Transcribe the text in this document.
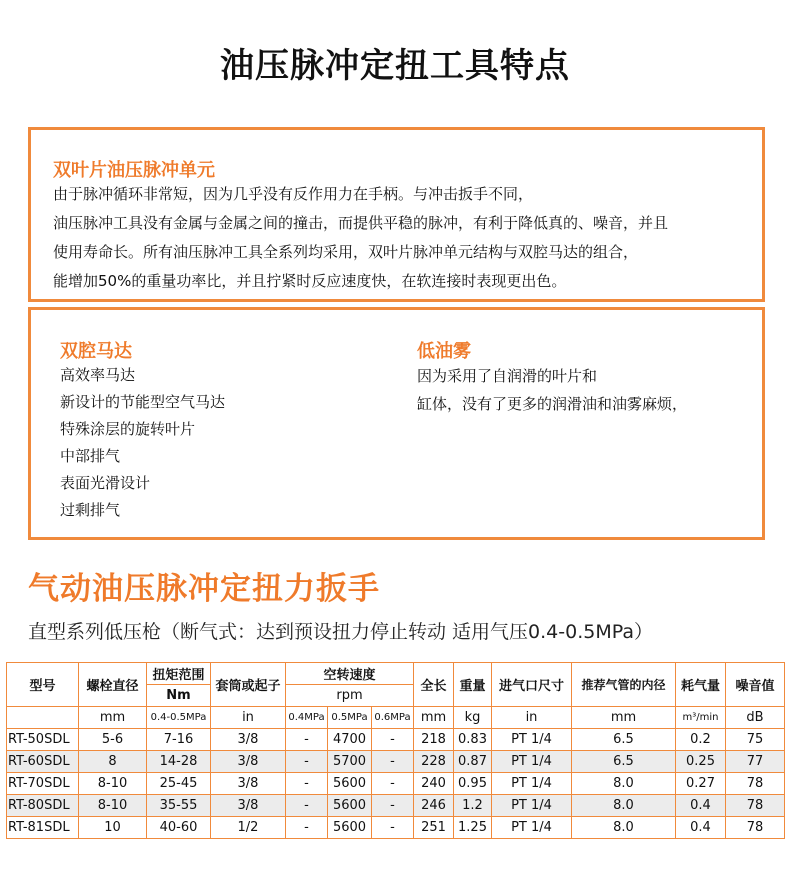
油压脉冲定扭工具特点
双叶片油压脉冲单元
由于脉冲循环非常短，因为几乎没有反作用力在手柄。与冲击扳手不同，
油压脉冲工具没有金属与金属之间的撞击，而提供平稳的脉冲，有利于降低真的、噪音，并且
使用寿命长。所有油压脉冲工具全系列均采用，双叶片脉冲单元结构与双腔马达的组合，
能增加50%的重量功率比，并且拧紧时反应速度快，在软连接时表现更出色。
双腔马达
高效率马达
新设计的节能型空气马达
特殊涂层的旋转叶片
中部排气
表面光滑设计
过剩排气
低油雾
因为采用了自润滑的叶片和
缸体，没有了更多的润滑油和油雾麻烦，
气动油压脉冲定扭力扳手
直型系列低压枪（断气式：达到预设扭力停止转动 适用气压0.4-0.5MPa）
型号	螺栓直径	扭矩范围	套筒或起子	空转速度			全长	重量	进气口尺寸	推荐气管的内径	耗气量	噪音值
		Nm		rpm								
	mm	0.4-0.5MPa	in	0.4MPa	0.5MPa	0.6MPa	mm	kg	in	mm	m³/min	dB
RT-50SDL	5-6	7-16	3/8	-	4700	-	218	0.83	PT 1/4	6.5	0.2	75
RT-60SDL	8	14-28	3/8	-	5700	-	228	0.87	PT 1/4	6.5	0.25	77
RT-70SDL	8-10	25-45	3/8	-	5600	-	240	0.95	PT 1/4	8.0	0.27	78
RT-80SDL	8-10	35-55	3/8	-	5600	-	246	1.2	PT 1/4	8.0	0.4	78
RT-81SDL	10	40-60	1/2	-	5600	-	251	1.25	PT 1/4	8.0	0.4	78
